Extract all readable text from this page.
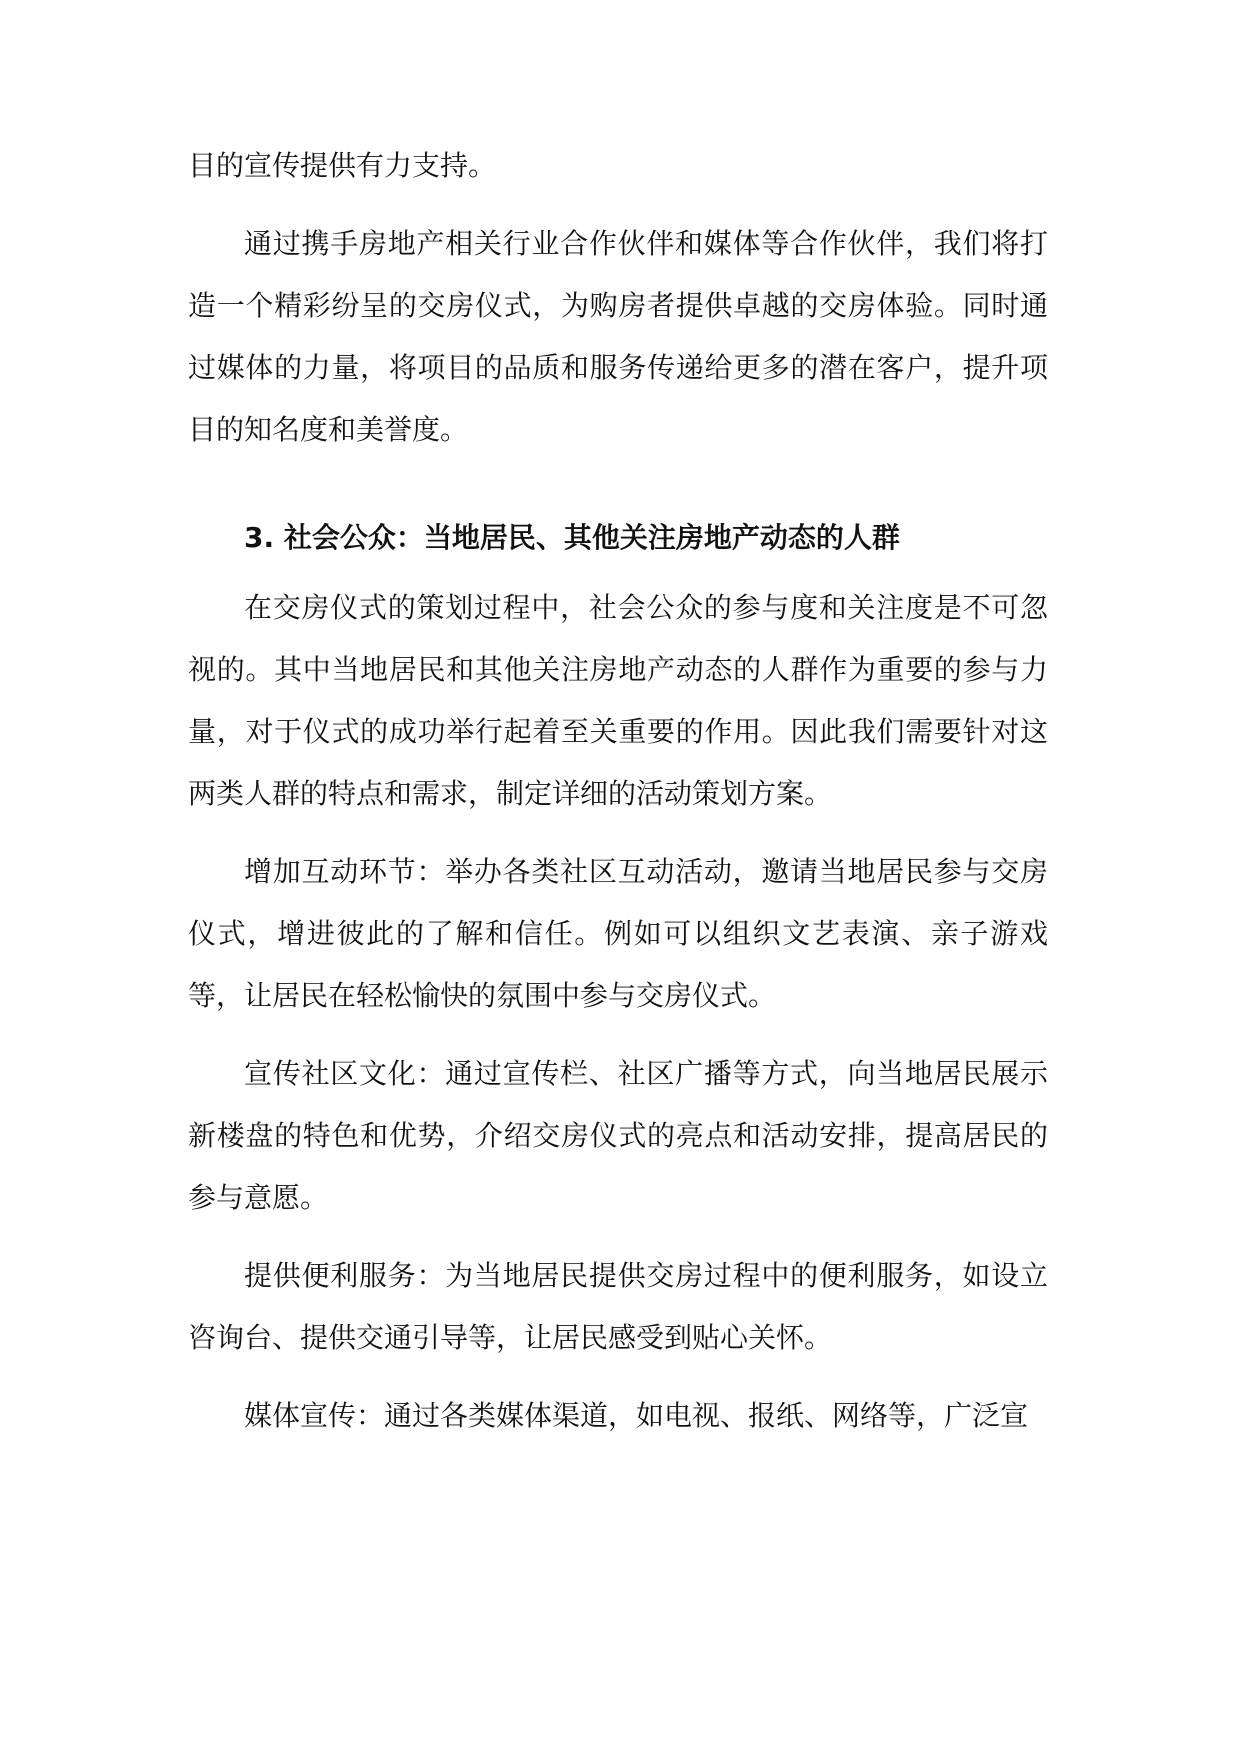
目的宣传提供有力支持。

通过携手房地产相关行业合作伙伴和媒体等合作伙伴，我们将打造一个精彩纷呈的交房仪式，为购房者提供卓越的交房体验。同时通过媒体的力量，将项目的品质和服务传递给更多的潜在客户，提升项目的知名度和美誉度。

3. 社会公众：当地居民、其他关注房地产动态的人群

在交房仪式的策划过程中，社会公众的参与度和关注度是不可忽视的。其中当地居民和其他关注房地产动态的人群作为重要的参与力量，对于仪式的成功举行起着至关重要的作用。因此我们需要针对这两类人群的特点和需求，制定详细的活动策划方案。

增加互动环节：举办各类社区互动活动，邀请当地居民参与交房仪式，增进彼此的了解和信任。例如可以组织文艺表演、亲子游戏等，让居民在轻松愉快的氛围中参与交房仪式。

宣传社区文化：通过宣传栏、社区广播等方式，向当地居民展示新楼盘的特色和优势，介绍交房仪式的亮点和活动安排，提高居民的参与意愿。

提供便利服务：为当地居民提供交房过程中的便利服务，如设立咨询台、提供交通引导等，让居民感受到贴心关怀。

媒体宣传：通过各类媒体渠道，如电视、报纸、网络等，广泛宣
